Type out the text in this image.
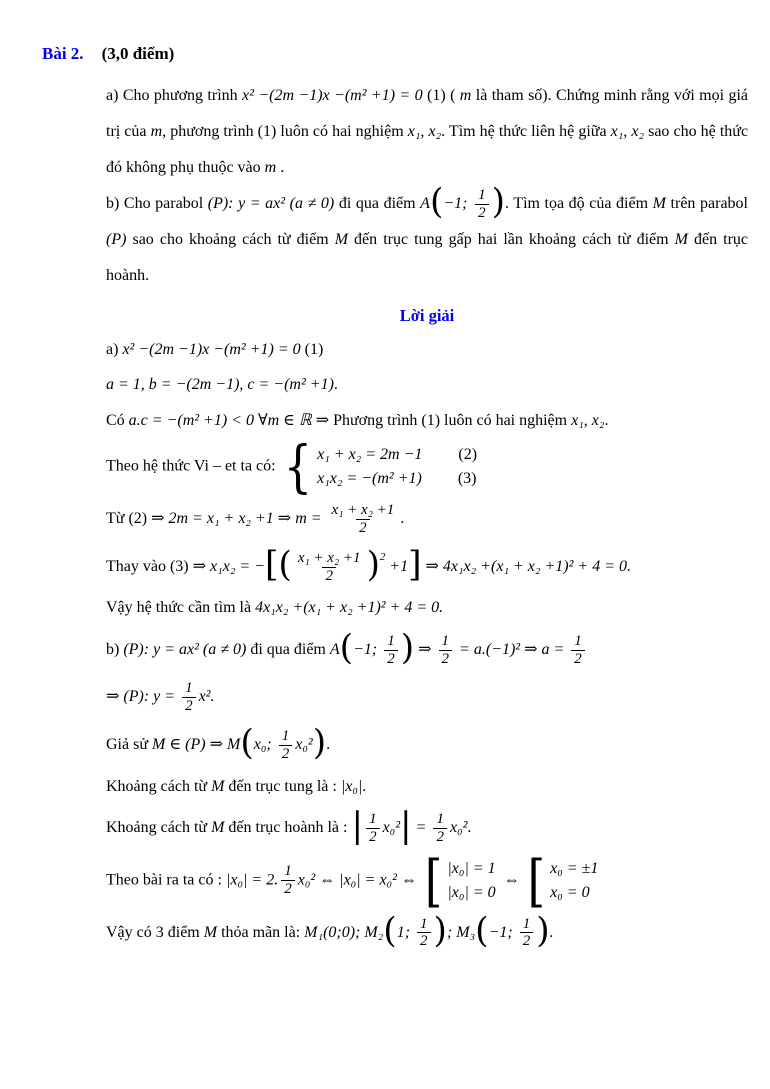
Bài 2. (3,0 điểm)

a) Cho phương trình x² −(2m −1)x −(m² +1) = 0 (1) ( m là tham số). Chứng minh rằng với mọi giá trị của m, phương trình (1) luôn có hai nghiệm x₁, x₂. Tìm hệ thức liên hệ giữa x₁, x₂ sao cho hệ thức đó không phụ thuộc vào m .

b) Cho parabol (P): y = ax² (a ≠ 0) đi qua điểm A(−1; $\frac{1}{2}$ ). Tìm tọa độ của điểm M trên parabol (P) sao cho khoảng cách từ điểm M đến trục tung gấp hai lần khoảng cách từ điểm M đến trục hoành.

Lời giải
a) x² −(2m −1)x −(m² +1) = 0 (1)
a = 1, b = −(2m −1), c = −(m² +1).
Có a.c = −(m² +1) < 0 ∀m ∈ ℝ ⇒ Phương trình (1) luôn có hai nghiệm x₁, x₂.
Theo hệ thức Vi – et ta có: { x₁ + x₂ = 2m −1 (2)
x₁x₂ = −(m² +1) (3)
Từ (2) ⇒ 2m = x₁ + x₂ +1 ⇒ $m = \frac{\text{x₁ + x₂ +1}}{2}$ .
Thay vào (3) ⇒ x₁x₂ = −[( $\frac{\text{x₁ + x₂ +1}}{2} )^2 +1$] ⇒ 4x₁x₂ +(x₁ + x₂ +1)² + 4 = 0.
Vậy hệ thức cần tìm là 4x₁x₂ +(x₁ + x₂ +1)² + 4 = 0.
b) (P): y = ax² (a ≠ 0) đi qua điểm A(−1; $\frac{1}{2}$ ) ⇒ $\frac{1}{2} = a.(-1)^2$ ⇒ $a = \frac{1}{2}$
⇒ (P): $y = \frac{1}{2} x^2$.
Giả sử M ∈ (P) ⇒ M(x₀; $\frac{1}{2} x_0^2$).
Khoảng cách từ M đến trục tung là : |x₀|.
Khoảng cách từ M đến trục hoành là : | $\frac{1}{2} x_0^2| = \frac{1}{2} x_0^2$.
Theo bài ra ta có : |x₀| = 2. $\frac{1}{2} x_0^2$ ⇔ |x₀| = x₀² ⇔ [ |x₀| = 1
|x₀| = 0
⇔ [ x₀ = ±1
x₀ = 0
Vậy có 3 điểm M thỏa mãn là: M₁(0;0); M₂(1; $\frac{1}{2}$ ); M₃(−1; $\frac{1}{2}$ ).
